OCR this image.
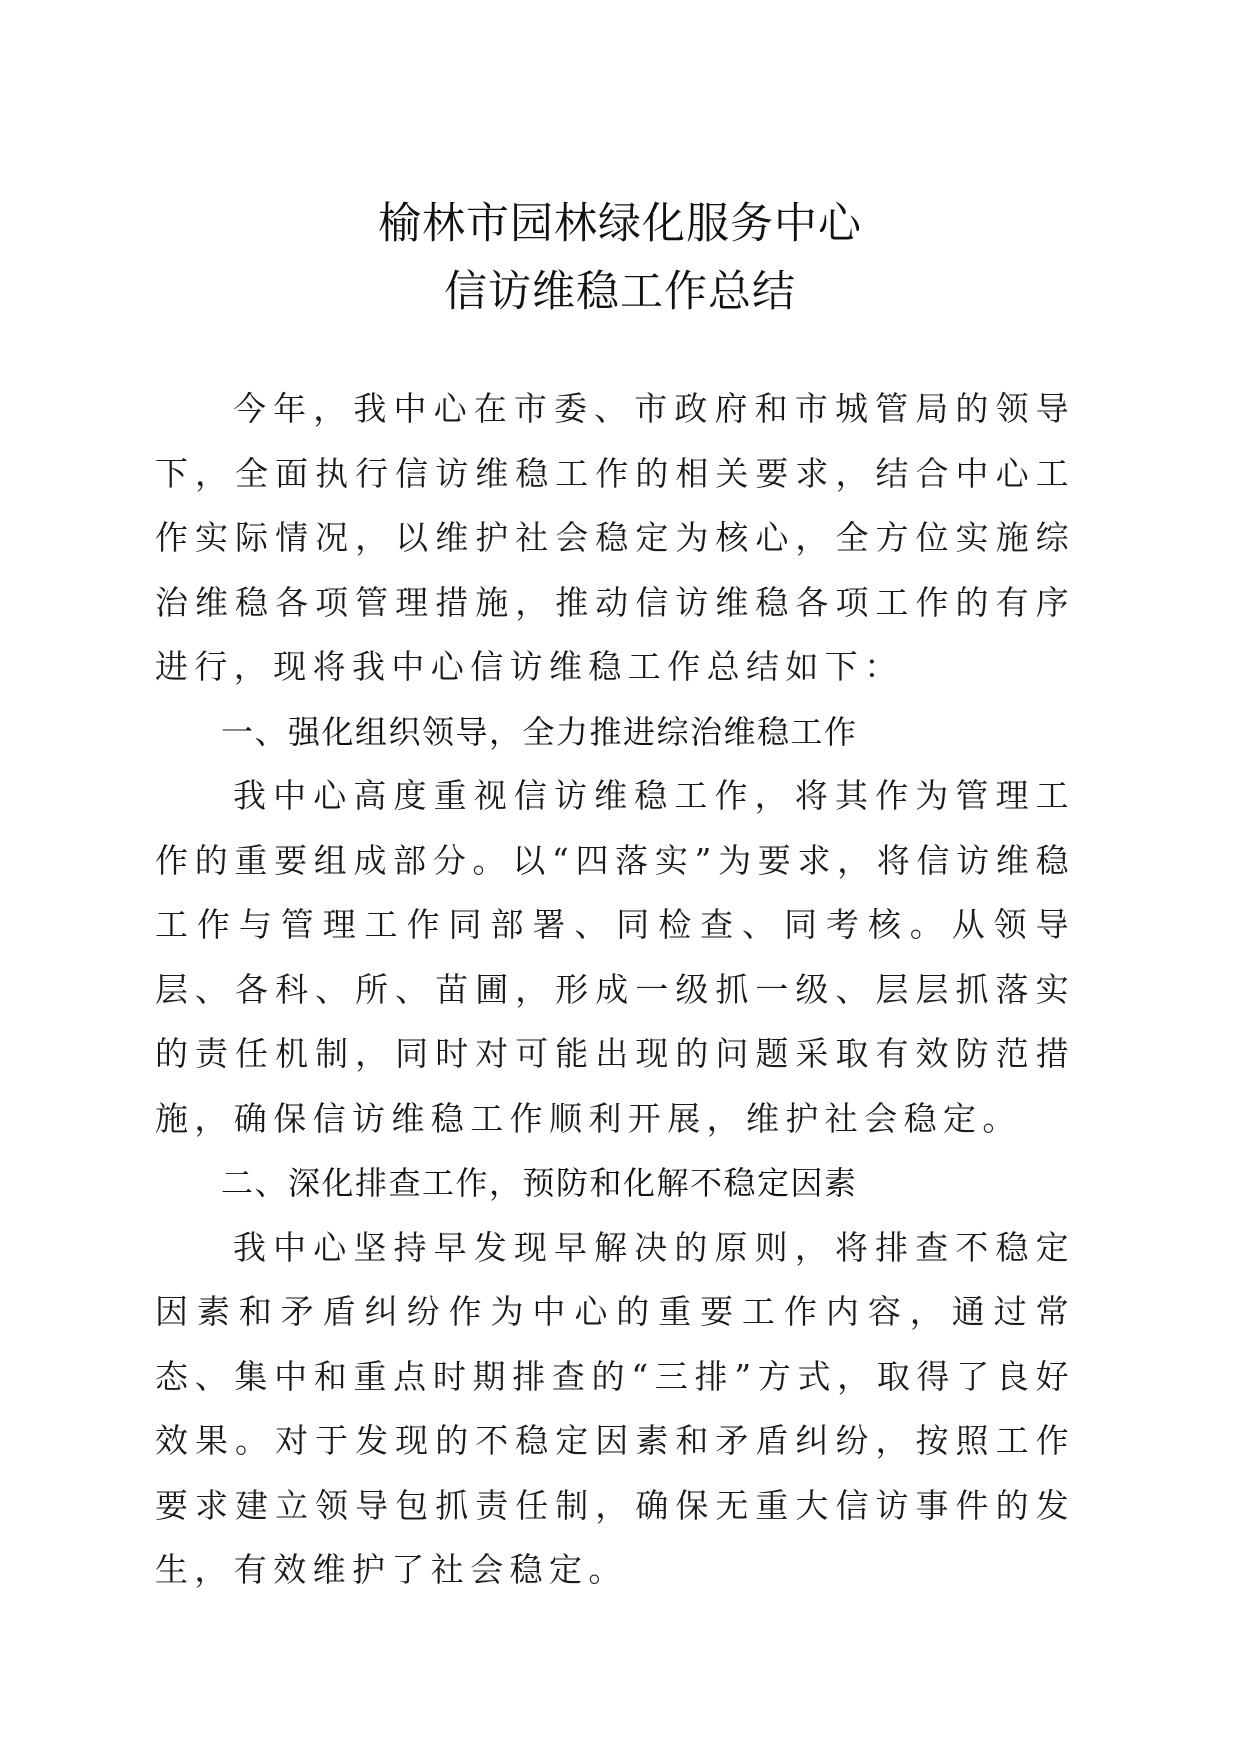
榆林市园林绿化服务中心
信访维稳工作总结

今年，我中心在市委、市政府和市城管局的领导下，全面执行信访维稳工作的相关要求，结合中心工作实际情况，以维护社会稳定为核心，全方位实施综治维稳各项管理措施，推动信访维稳各项工作的有序进行，现将我中心信访维稳工作总结如下：

一、强化组织领导，全力推进综治维稳工作

我中心高度重视信访维稳工作，将其作为管理工作的重要组成部分。以“四落实”为要求，将信访维稳工作与管理工作同部署、同检查、同考核。从领导层、各科、所、苗圃，形成一级抓一级、层层抓落实的责任机制，同时对可能出现的问题采取有效防范措施，确保信访维稳工作顺利开展，维护社会稳定。

二、深化排查工作，预防和化解不稳定因素

我中心坚持早发现早解决的原则，将排查不稳定因素和矛盾纠纷作为中心的重要工作内容，通过常态、集中和重点时期排查的“三排”方式，取得了良好效果。对于发现的不稳定因素和矛盾纠纷，按照工作要求建立领导包抓责任制，确保无重大信访事件的发生，有效维护了社会稳定。
